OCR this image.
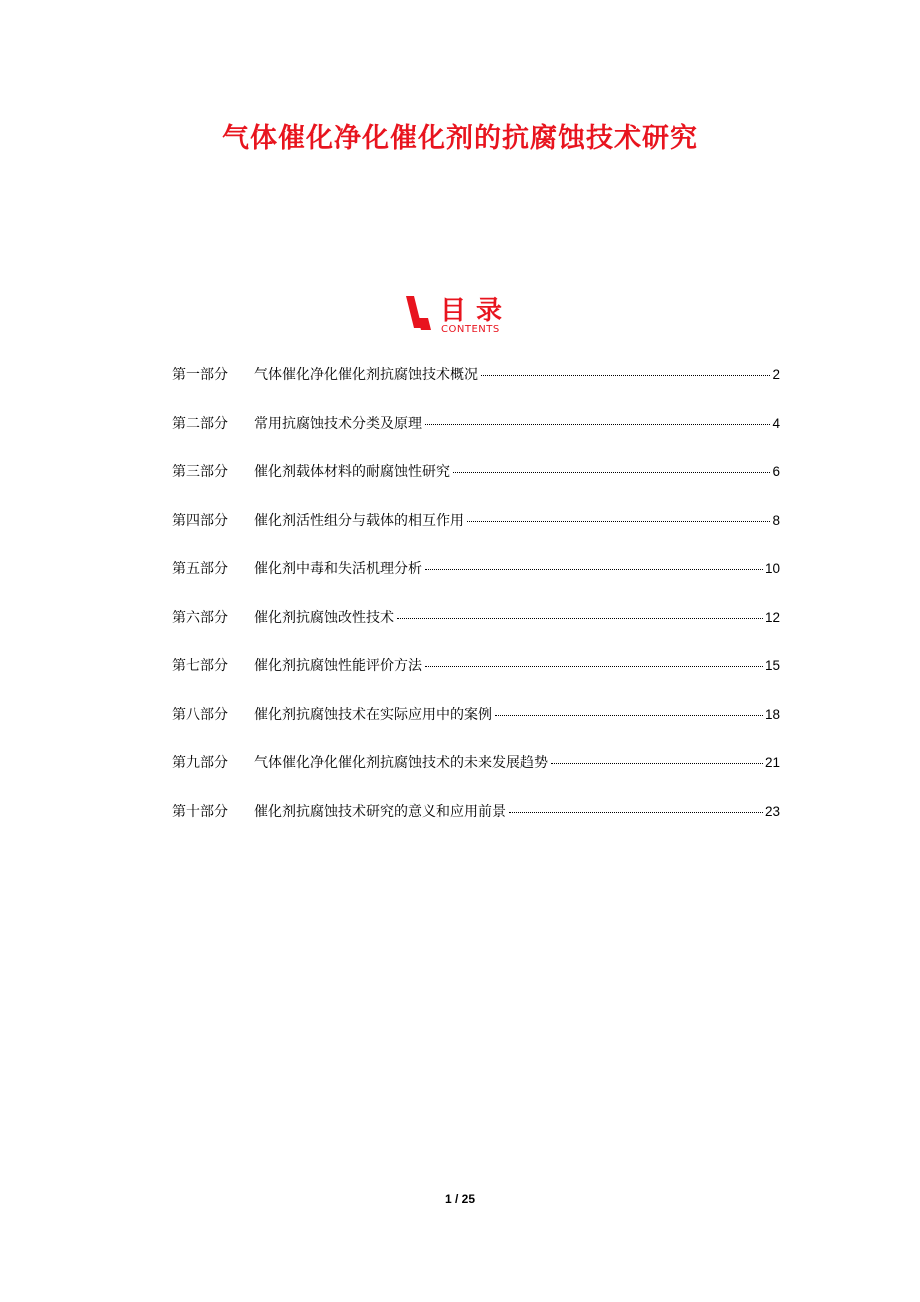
气体催化净化催化剂的抗腐蚀技术研究
目录
CONTENTS
第一部分	气体催化净化催化剂抗腐蚀技术概况	2
第二部分	常用抗腐蚀技术分类及原理	4
第三部分	催化剂载体材料的耐腐蚀性研究	6
第四部分	催化剂活性组分与载体的相互作用	8
第五部分	催化剂中毒和失活机理分析	10
第六部分	催化剂抗腐蚀改性技术	12
第七部分	催化剂抗腐蚀性能评价方法	15
第八部分	催化剂抗腐蚀技术在实际应用中的案例	18
第九部分	气体催化净化催化剂抗腐蚀技术的未来发展趋势	21
第十部分	催化剂抗腐蚀技术研究的意义和应用前景	23
1 / 25
